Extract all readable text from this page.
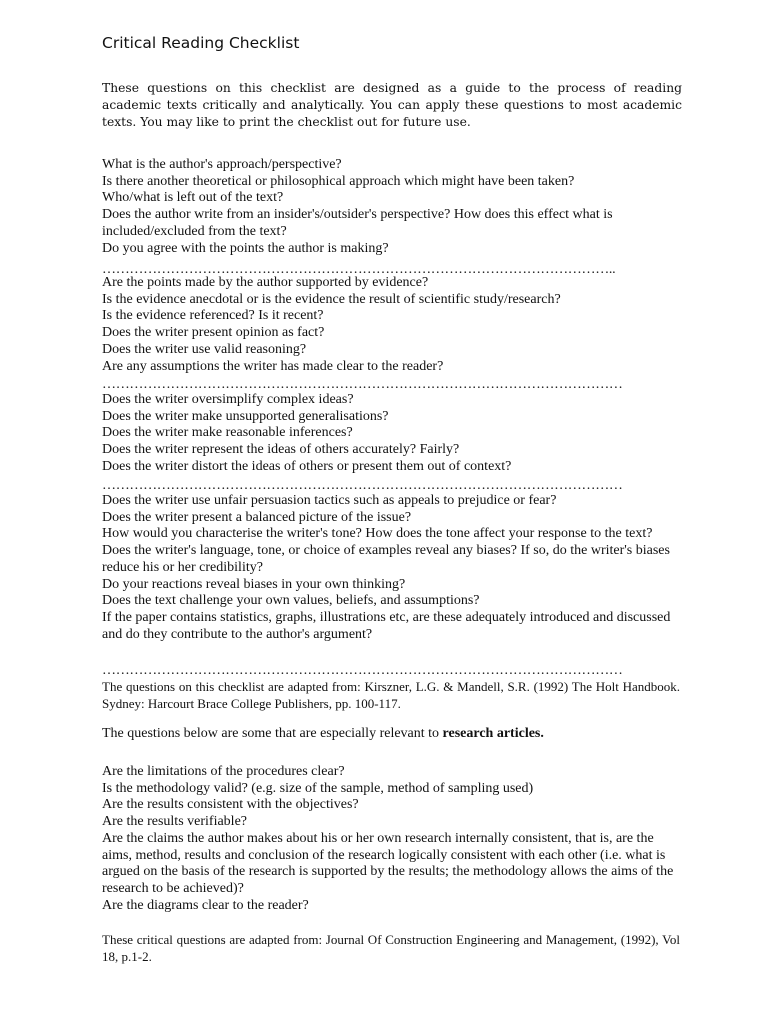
Critical Reading Checklist
These questions on this checklist are designed as a guide to the process of reading academic texts critically and analytically. You can apply these questions to most academic texts. You may like to print the checklist out for future use.
What is the author's approach/perspective?
Is there another theoretical or philosophical approach which might have been taken?
Who/what is left out of the text?
Does the author write from an insider's/outsider's perspective? How does this effect what is included/excluded from the text?
Do you agree with the points the author is making?
…………………………………………………………………………………………………..
Are the points made by the author supported by evidence?
Is the evidence anecdotal or is the evidence the result of scientific study/research?
Is the evidence referenced? Is it recent?
Does the writer present opinion as fact?
Does the writer use valid reasoning?
Are any assumptions the writer has made clear to the reader?
……………………………………………………………………………………………………
Does the writer oversimplify complex ideas?
Does the writer make unsupported generalisations?
Does the writer make reasonable inferences?
Does the writer represent the ideas of others accurately? Fairly?
Does the writer distort the ideas of others or present them out of context?
……………………………………………………………………………………………………
Does the writer use unfair persuasion tactics such as appeals to prejudice or fear?
Does the writer present a balanced picture of the issue?
How would you characterise the writer's tone? How does the tone affect your response to the text?
Does the writer's language, tone, or choice of examples reveal any biases? If so, do the writer's biases reduce his or her credibility?
Do your reactions reveal biases in your own thinking?
Does the text challenge your own values, beliefs, and assumptions?
If the paper contains statistics, graphs, illustrations etc, are these adequately introduced and discussed and do they contribute to the author's argument?
……………………………………………………………………………………………………
The questions on this checklist are adapted from: Kirszner, L.G. & Mandell, S.R. (1992) The Holt Handbook. Sydney: Harcourt Brace College Publishers, pp. 100-117.
The questions below are some that are especially relevant to research articles.
Are the limitations of the procedures clear?
Is the methodology valid? (e.g. size of the sample, method of sampling used)
Are the results consistent with the objectives?
Are the results verifiable?
Are the claims the author makes about his or her own research internally consistent, that is, are the aims, method, results and conclusion of the research logically consistent with each other (i.e. what is argued on the basis of the research is supported by the results; the methodology allows the aims of the research to be achieved)?
Are the diagrams clear to the reader?
These critical questions are adapted from: Journal Of Construction Engineering and Management, (1992), Vol 18, p.1-2.
